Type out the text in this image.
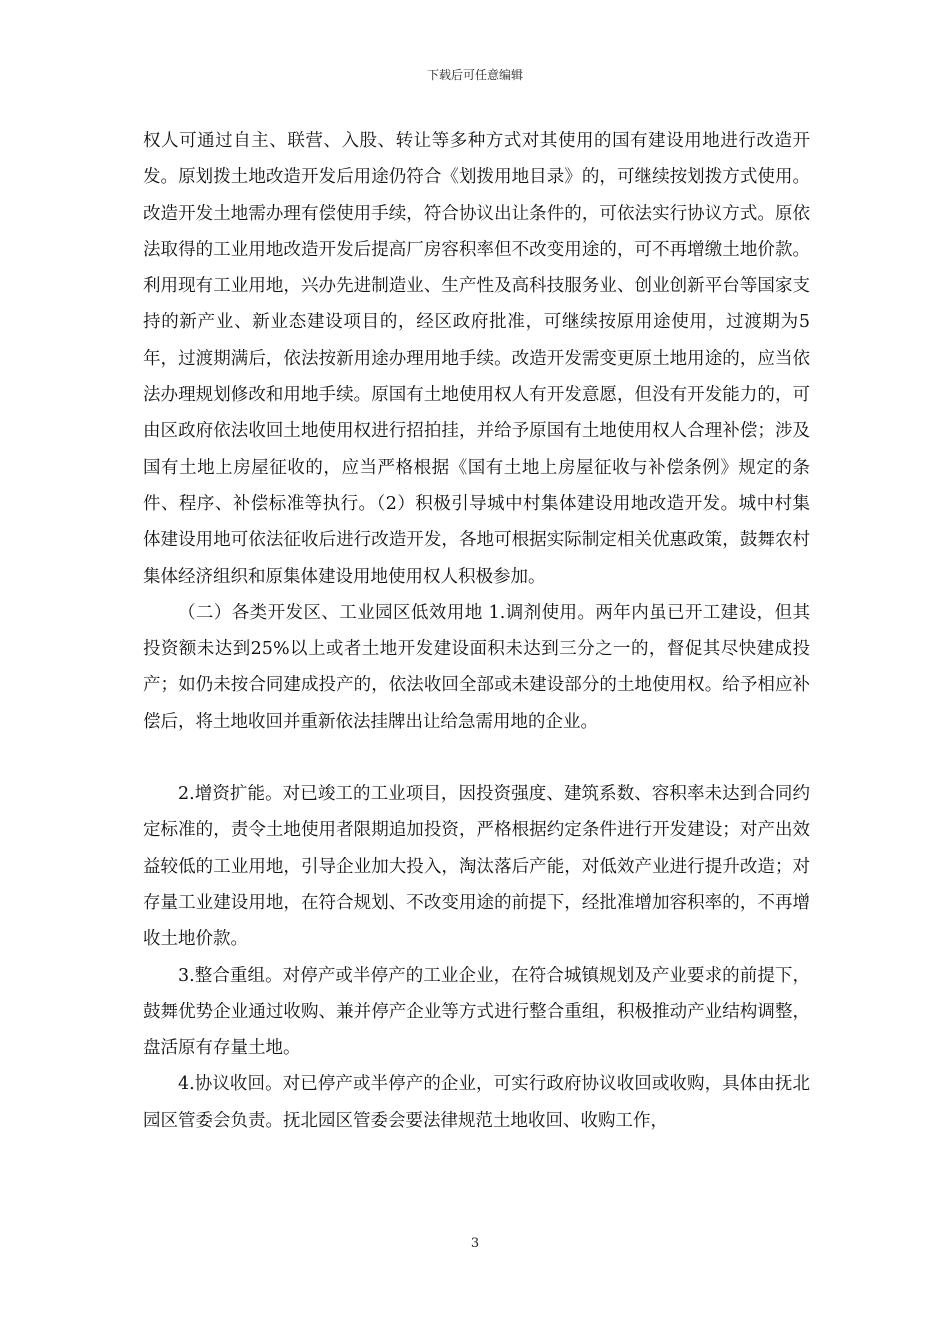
下载后可任意编辑

权人可通过自主、联营、入股、转让等多种方式对其使用的国有建设用地进行改造开发。原划拨土地改造开发后用途仍符合《划拨用地目录》的，可继续按划拨方式使用。改造开发土地需办理有偿使用手续，符合协议出让条件的，可依法实行协议方式。原依法取得的工业用地改造开发后提高厂房容积率但不改变用途的，可不再增缴土地价款。利用现有工业用地，兴办先进制造业、生产性及高科技服务业、创业创新平台等国家支持的新产业、新业态建设项目的，经区政府批准，可继续按原用途使用，过渡期为5年，过渡期满后，依法按新用途办理用地手续。改造开发需变更原土地用途的，应当依法办理规划修改和用地手续。原国有土地使用权人有开发意愿，但没有开发能力的，可由区政府依法收回土地使用权进行招拍挂，并给予原国有土地使用权人合理补偿；涉及国有土地上房屋征收的，应当严格根据《国有土地上房屋征收与补偿条例》规定的条件、程序、补偿标准等执行。（2）积极引导城中村集体建设用地改造开发。城中村集体建设用地可依法征收后进行改造开发，各地可根据实际制定相关优惠政策，鼓舞农村集体经济组织和原集体建设用地使用权人积极参加。

（二）各类开发区、工业园区低效用地 1.调剂使用。两年内虽已开工建设，但其投资额未达到25%以上或者土地开发建设面积未达到三分之一的，督促其尽快建成投产；如仍未按合同建成投产的，依法收回全部或未建设部分的土地使用权。给予相应补偿后，将土地收回并重新依法挂牌出让给急需用地的企业。

2.增资扩能。对已竣工的工业项目，因投资强度、建筑系数、容积率未达到合同约定标准的，责令土地使用者限期追加投资，严格根据约定条件进行开发建设；对产出效益较低的工业用地，引导企业加大投入，淘汰落后产能，对低效产业进行提升改造；对存量工业建设用地，在符合规划、不改变用途的前提下，经批准增加容积率的，不再增收土地价款。

3.整合重组。对停产或半停产的工业企业，在符合城镇规划及产业要求的前提下，鼓舞优势企业通过收购、兼并停产企业等方式进行整合重组，积极推动产业结构调整，盘活原有存量土地。

4.协议收回。对已停产或半停产的企业，可实行政府协议收回或收购，具体由抚北园区管委会负责。抚北园区管委会要法律规范土地收回、收购工作，

3
